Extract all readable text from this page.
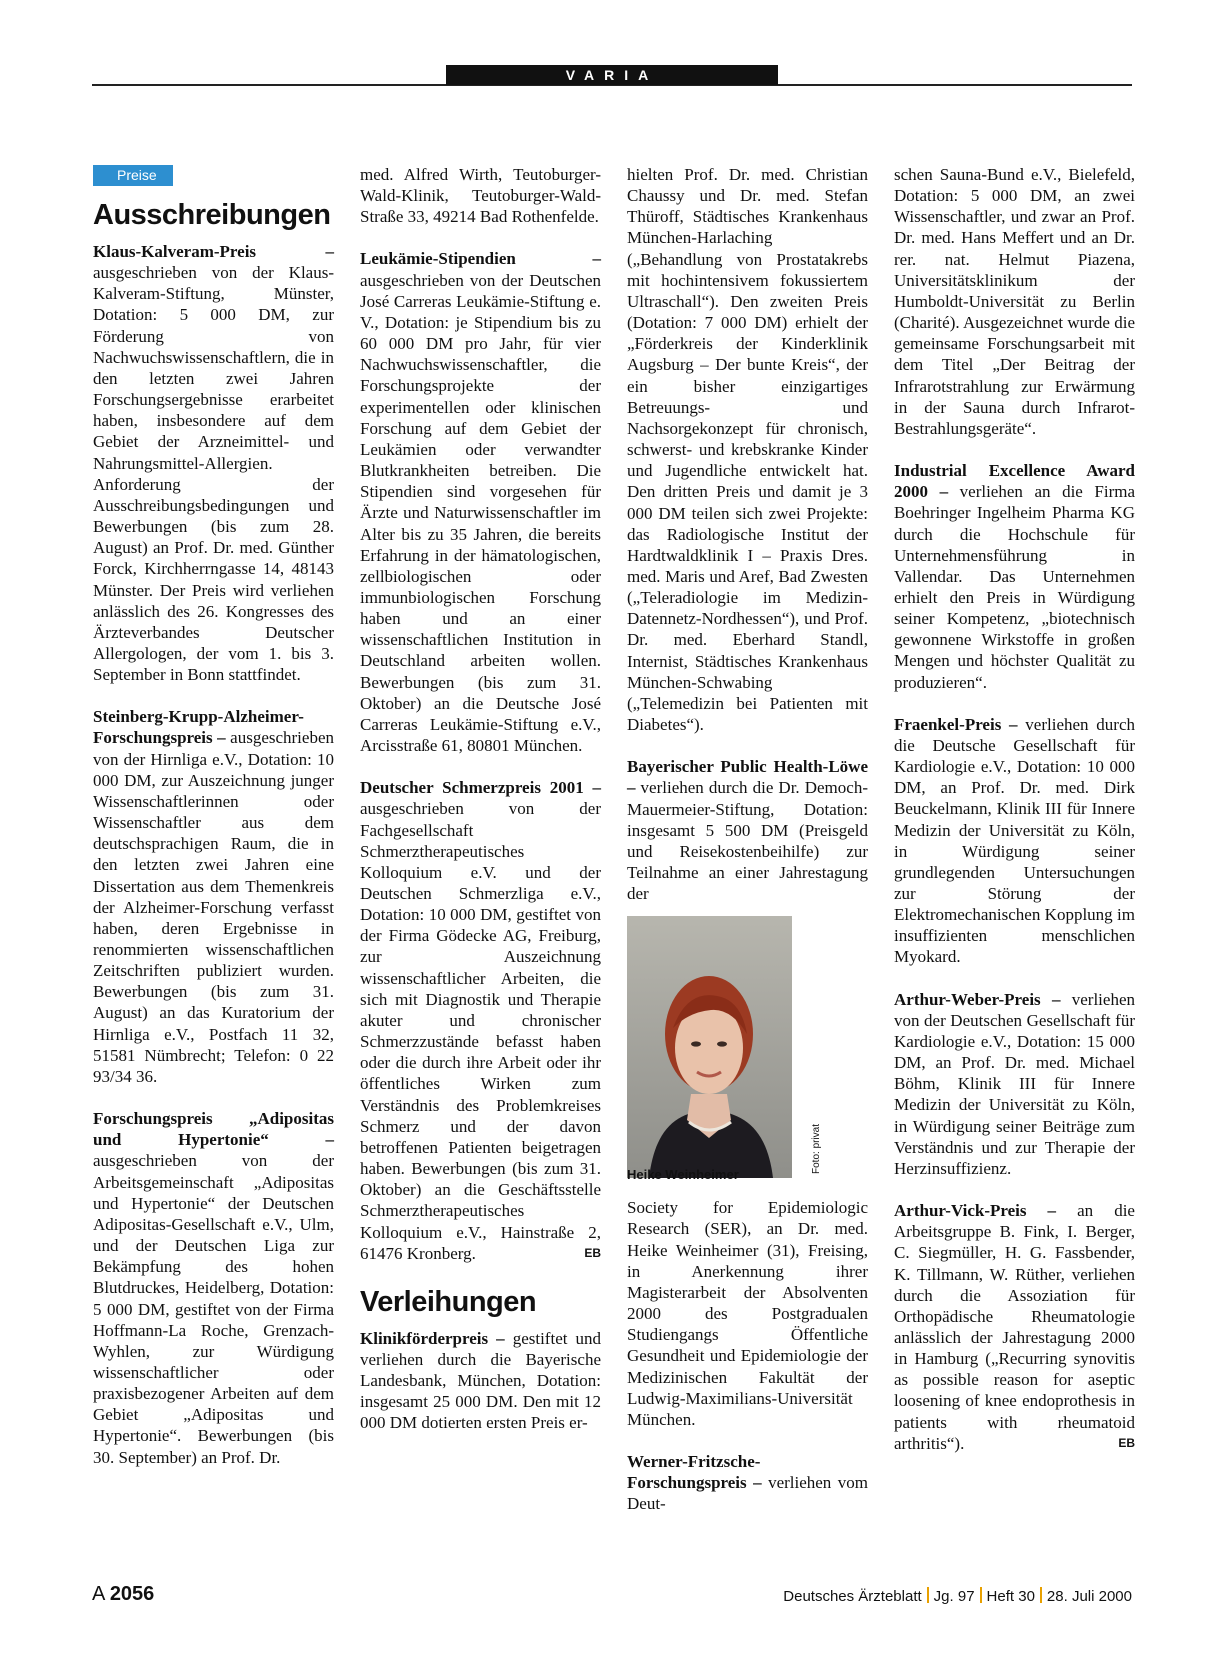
VARIA
Preise
Ausschreibungen

Klaus-Kalveram-Preis – ausgeschrieben von der Klaus-Kalveram-Stiftung, Münster, Dotation: 5 000 DM, zur Förderung von Nachwuchswissenschaftlern, die in den letzten zwei Jahren Forschungsergebnisse erarbeitet haben, insbesondere auf dem Gebiet der Arzneimittel- und Nahrungsmittel-Allergien. Anforderung der Ausschreibungsbedingungen und Bewerbungen (bis zum 28. August) an Prof. Dr. med. Günther Forck, Kirchherrngasse 14, 48143 Münster. Der Preis wird verliehen anlässlich des 26. Kongresses des Ärzteverbandes Deutscher Allergologen, der vom 1. bis 3. September in Bonn stattfindet.

Steinberg-Krupp-Alzheimer-Forschungspreis – ausgeschrieben von der Hirnliga e.V., Dotation: 10 000 DM, zur Auszeichnung junger Wissenschaftlerinnen oder Wissenschaftler aus dem deutschsprachigen Raum, die in den letzten zwei Jahren eine Dissertation aus dem Themenkreis der Alzheimer-Forschung verfasst haben, deren Ergebnisse in renommierten wissenschaftlichen Zeitschriften publiziert wurden. Bewerbungen (bis zum 31. August) an das Kuratorium der Hirnliga e.V., Postfach 11 32, 51581 Nümbrecht; Telefon: 0 22 93/34 36.

Forschungspreis „Adipositas und Hypertonie“ – ausgeschrieben von der Arbeitsgemeinschaft „Adipositas und Hypertonie“ der Deutschen Adipositas-Gesellschaft e.V., Ulm, und der Deutschen Liga zur Bekämpfung des hohen Blutdruckes, Heidelberg, Dotation: 5 000 DM, gestiftet von der Firma Hoffmann-La Roche, Grenzach-Wyhlen, zur Würdigung wissenschaftlicher oder praxisbezogener Arbeiten auf dem Gebiet „Adipositas und Hypertonie“. Bewerbungen (bis 30. September) an Prof. Dr.

med. Alfred Wirth, Teutoburger-Wald-Klinik, Teutoburger-Wald-Straße 33, 49214 Bad Rothenfelde.

Leukämie-Stipendien – ausgeschrieben von der Deutschen José Carreras Leukämie-Stiftung e. V., Dotation: je Stipendium bis zu 60 000 DM pro Jahr, für vier Nachwuchswissenschaftler, die Forschungsprojekte der experimentellen oder klinischen Forschung auf dem Gebiet der Leukämien oder verwandter Blutkrankheiten betreiben. Die Stipendien sind vorgesehen für Ärzte und Naturwissenschaftler im Alter bis zu 35 Jahren, die bereits Erfahrung in der hämatologischen, zellbiologischen oder immunbiologischen Forschung haben und an einer wissenschaftlichen Institution in Deutschland arbeiten wollen. Bewerbungen (bis zum 31. Oktober) an die Deutsche José Carreras Leukämie-Stiftung e.V., Arcisstraße 61, 80801 München.

Deutscher Schmerzpreis 2001 – ausgeschrieben von der Fachgesellschaft Schmerztherapeutisches Kolloquium e.V. und der Deutschen Schmerzliga e.V., Dotation: 10 000 DM, gestiftet von der Firma Gödecke AG, Freiburg, zur Auszeichnung wissenschaftlicher Arbeiten, die sich mit Diagnostik und Therapie akuter und chronischer Schmerzzustände befasst haben oder die durch ihre Arbeit oder ihr öffentliches Wirken zum Verständnis des Problemkreises Schmerz und der davon betroffenen Patienten beigetragen haben. Bewerbungen (bis zum 31. Oktober) an die Geschäftsstelle Schmerztherapeutisches Kolloquium e.V., Hainstraße 2, 61476 Kronberg.	EB

Verleihungen

Klinikförderpreis – gestiftet und verliehen durch die Bayerische Landesbank, München, Dotation: insgesamt 25 000 DM. Den mit 12 000 DM dotierten ersten Preis er-

hielten Prof. Dr. med. Christian Chaussy und Dr. med. Stefan Thüroff, Städtisches Krankenhaus München-Harlaching („Behandlung von Prostatakrebs mit hochintensivem fokussiertem Ultraschall“). Den zweiten Preis (Dotation: 7 000 DM) erhielt der „Förderkreis der Kinderklinik Augsburg – Der bunte Kreis“, der ein bisher einzigartiges Betreuungs- und Nachsorgekonzept für chronisch, schwerst- und krebskranke Kinder und Jugendliche entwickelt hat. Den dritten Preis und damit je 3 000 DM teilen sich zwei Projekte: das Radiologische Institut der Hardtwaldklinik I – Praxis Dres. med. Maris und Aref, Bad Zwesten („Teleradiologie im Medizin-Datennetz-Nordhessen“), und Prof. Dr. med. Eberhard Standl, Internist, Städtisches Krankenhaus München-Schwabing („Telemedizin bei Patienten mit Diabetes“).

Bayerischer Public Health-Löwe – verliehen durch die Dr. Democh-Mauermeier-Stiftung, Dotation: insgesamt 5 500 DM (Preisgeld und Reisekostenbeihilfe) zur Teilnahme an einer Jahrestagung der

Foto: privat
Heike Weinheimer

Society for Epidemiologic Research (SER), an Dr. med. Heike Weinheimer (31), Freising, in Anerkennung ihrer Magisterarbeit der Absolventen 2000 des Postgradualen Studiengangs Öffentliche Gesundheit und Epidemiologie der Medizinischen Fakultät der Ludwig-Maximilians-Universität München.

Werner-Fritzsche-Forschungspreis – verliehen vom Deut-

schen Sauna-Bund e.V., Bielefeld, Dotation: 5 000 DM, an zwei Wissenschaftler, und zwar an Prof. Dr. med. Hans Meffert und an Dr. rer. nat. Helmut Piazena, Universitätsklinikum der Humboldt-Universität zu Berlin (Charité). Ausgezeichnet wurde die gemeinsame Forschungsarbeit mit dem Titel „Der Beitrag der Infrarotstrahlung zur Erwärmung in der Sauna durch Infrarot-Bestrahlungsgeräte“.

Industrial Excellence Award 2000 – verliehen an die Firma Boehringer Ingelheim Pharma KG durch die Hochschule für Unternehmensführung in Vallendar. Das Unternehmen erhielt den Preis in Würdigung seiner Kompetenz, „biotechnisch gewonnene Wirkstoffe in großen Mengen und höchster Qualität zu produzieren“.

Fraenkel-Preis – verliehen durch die Deutsche Gesellschaft für Kardiologie e.V., Dotation: 10 000 DM, an Prof. Dr. med. Dirk Beuckelmann, Klinik III für Innere Medizin der Universität zu Köln, in Würdigung seiner grundlegenden Untersuchungen zur Störung der Elektromechanischen Kopplung im insuffizienten menschlichen Myokard.

Arthur-Weber-Preis – verliehen von der Deutschen Gesellschaft für Kardiologie e.V., Dotation: 15 000 DM, an Prof. Dr. med. Michael Böhm, Klinik III für Innere Medizin der Universität zu Köln, in Würdigung seiner Beiträge zum Verständnis und zur Therapie der Herzinsuffizienz.

Arthur-Vick-Preis – an die Arbeitsgruppe B. Fink, I. Berger, C. Siegmüller, H. G. Fassbender, K. Tillmann, W. Rüther, verliehen durch die Assoziation für Orthopädische Rheumatologie anlässlich der Jahrestagung 2000 in Hamburg („Recurring synovitis as possible reason for aseptic loosening of knee endoprothesis in patients with rheumatoid arthritis“).	EB

A 2056	Deutsches Ärzteblatt Jg. 97 Heft 30 28. Juli 2000
